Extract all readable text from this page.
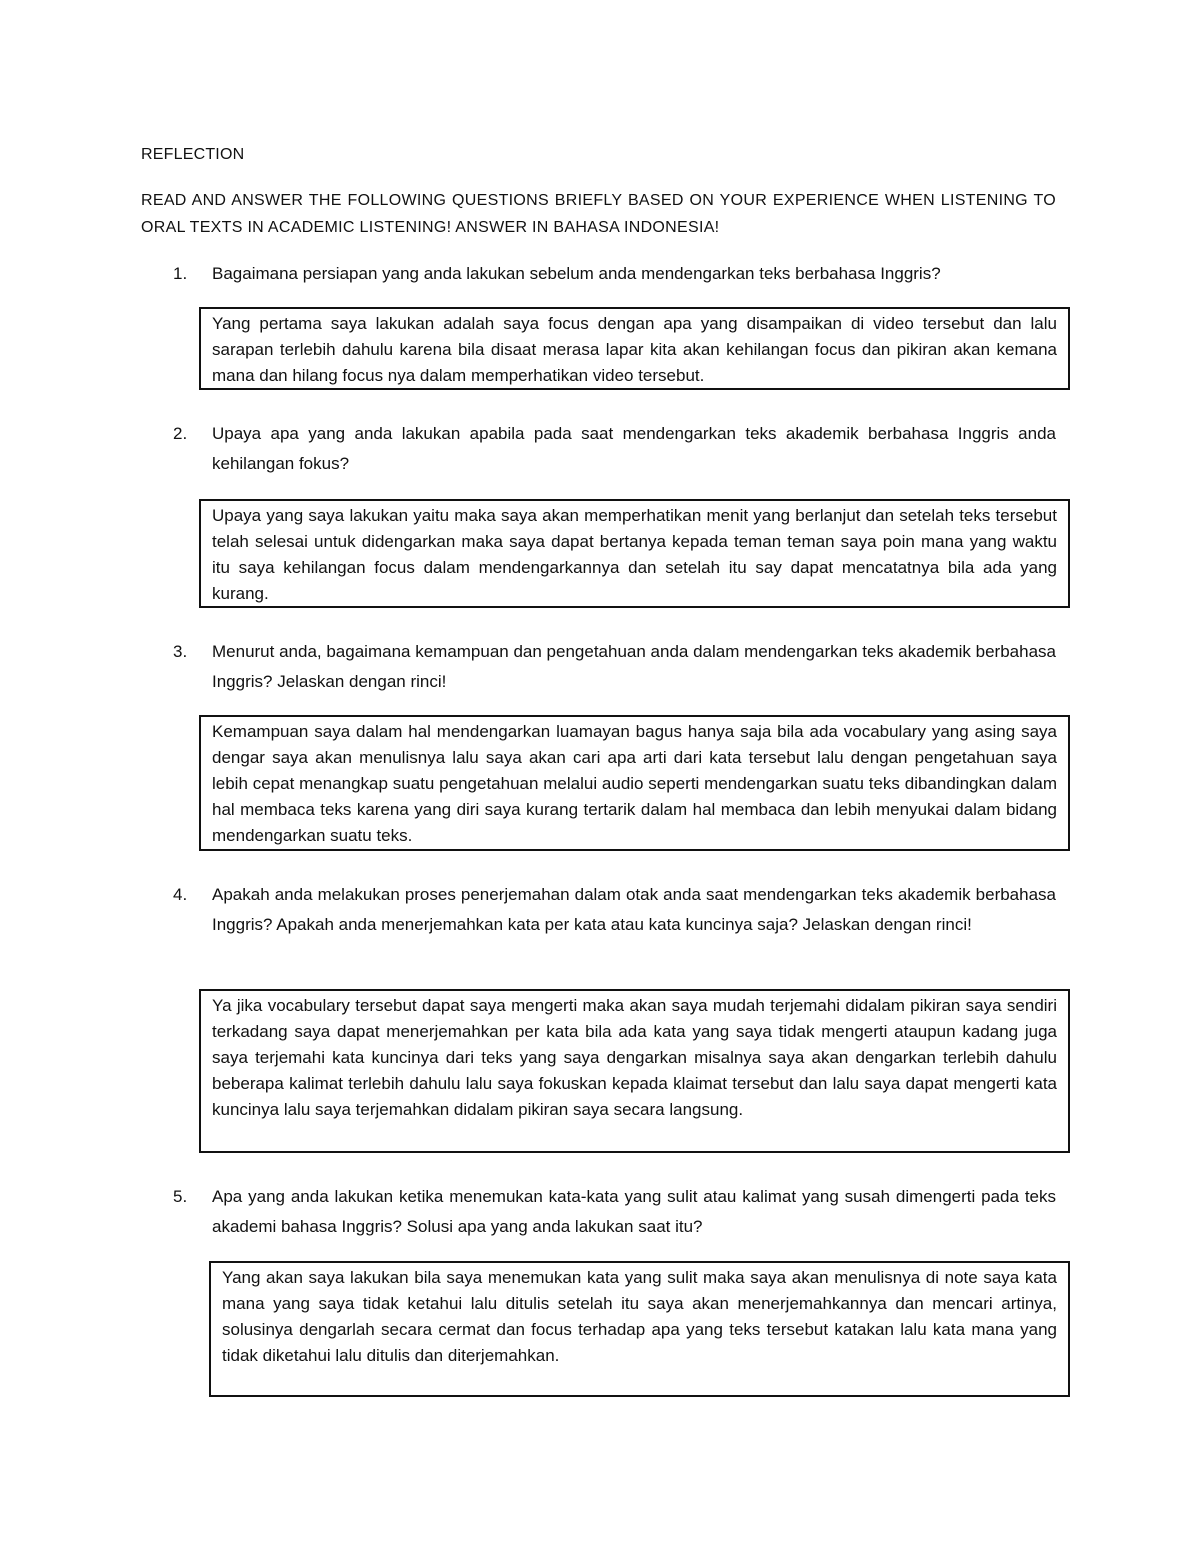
REFLECTION
READ AND ANSWER THE FOLLOWING QUESTIONS BRIEFLY BASED ON YOUR EXPERIENCE WHEN LISTENING TO ORAL TEXTS IN ACADEMIC LISTENING! ANSWER IN BAHASA INDONESIA!
1.	Bagaimana persiapan yang anda lakukan sebelum anda mendengarkan teks berbahasa Inggris?
Yang pertama saya lakukan adalah saya focus dengan apa yang disampaikan di video tersebut dan lalu sarapan terlebih dahulu karena bila disaat merasa lapar kita akan kehilangan focus dan pikiran akan kemana mana dan hilang focus nya dalam memperhatikan video tersebut.
2.	Upaya apa yang anda lakukan apabila pada saat mendengarkan teks akademik berbahasa Inggris anda kehilangan fokus?
Upaya yang saya lakukan yaitu maka saya akan memperhatikan menit yang berlanjut dan setelah teks tersebut telah selesai untuk didengarkan maka saya dapat bertanya kepada teman teman saya poin mana yang waktu itu saya kehilangan focus dalam mendengarkannya dan setelah itu say dapat mencatatnya bila ada yang kurang.
3.	Menurut anda, bagaimana kemampuan dan pengetahuan anda dalam mendengarkan teks akademik berbahasa Inggris? Jelaskan dengan rinci!
Kemampuan saya dalam hal mendengarkan luamayan bagus hanya saja bila ada vocabulary yang asing saya dengar saya akan menulisnya lalu saya akan cari apa arti dari kata tersebut lalu dengan pengetahuan saya lebih cepat menangkap suatu pengetahuan melalui audio seperti mendengarkan suatu teks dibandingkan dalam hal membaca teks karena yang diri saya kurang tertarik dalam hal membaca dan lebih menyukai dalam bidang mendengarkan suatu teks.
4.	Apakah anda melakukan proses penerjemahan dalam otak anda saat mendengarkan teks akademik berbahasa Inggris? Apakah anda menerjemahkan kata per kata atau kata kuncinya saja? Jelaskan dengan rinci!
Ya jika vocabulary tersebut dapat saya mengerti maka akan saya mudah terjemahi didalam pikiran saya sendiri terkadang saya dapat menerjemahkan per kata bila ada kata yang saya tidak mengerti ataupun kadang juga saya terjemahi kata kuncinya dari teks yang saya dengarkan misalnya saya akan dengarkan terlebih dahulu beberapa kalimat terlebih dahulu lalu saya fokuskan kepada klaimat tersebut dan lalu saya dapat mengerti kata kuncinya lalu saya terjemahkan didalam pikiran saya secara langsung.
5.	Apa yang anda lakukan ketika menemukan kata-kata yang sulit atau kalimat yang susah dimengerti pada teks akademi bahasa Inggris? Solusi apa yang anda lakukan saat itu?
Yang akan saya lakukan bila saya menemukan kata yang sulit maka saya akan menulisnya di note saya kata mana yang saya tidak ketahui lalu ditulis setelah itu saya akan menerjemahkannya dan mencari artinya, solusinya dengarlah secara cermat dan focus terhadap apa yang teks tersebut katakan lalu kata mana yang tidak diketahui lalu ditulis dan diterjemahkan.
